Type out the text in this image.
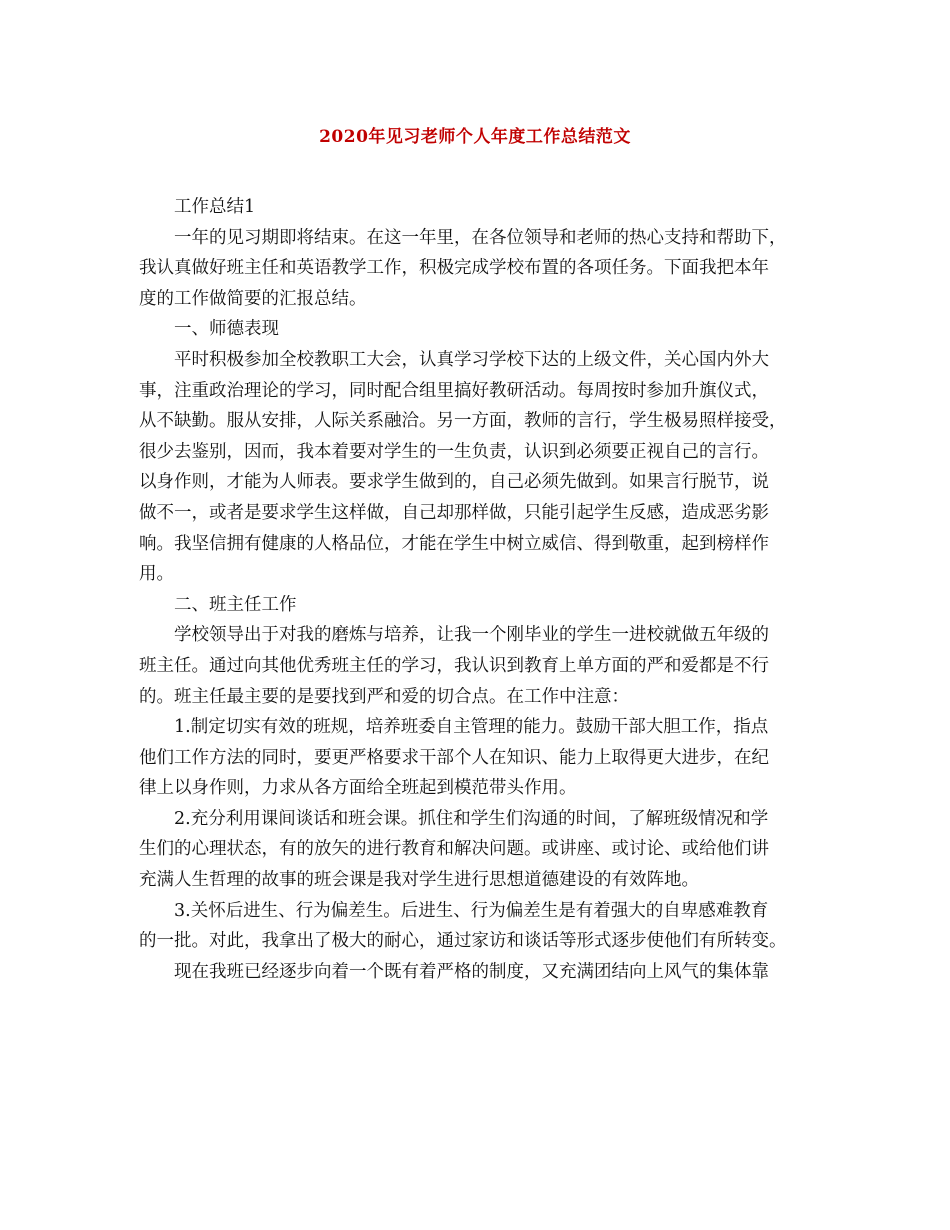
2020年见习老师个人年度工作总结范文
工作总结1
一年的见习期即将结束。在这一年里，在各位领导和老师的热心支持和帮助下，
我认真做好班主任和英语教学工作，积极完成学校布置的各项任务。下面我把本年
度的工作做简要的汇报总结。
一、师德表现
平时积极参加全校教职工大会，认真学习学校下达的上级文件，关心国内外大
事，注重政治理论的学习，同时配合组里搞好教研活动。每周按时参加升旗仪式，
从不缺勤。服从安排，人际关系融洽。另一方面，教师的言行，学生极易照样接受，
很少去鉴别，因而，我本着要对学生的一生负责，认识到必须要正视自己的言行。
以身作则，才能为人师表。要求学生做到的，自己必须先做到。如果言行脱节，说
做不一，或者是要求学生这样做，自己却那样做，只能引起学生反感，造成恶劣影
响。我坚信拥有健康的人格品位，才能在学生中树立威信、得到敬重，起到榜样作
用。
二、班主任工作
学校领导出于对我的磨炼与培养，让我一个刚毕业的学生一进校就做五年级的
班主任。通过向其他优秀班主任的学习，我认识到教育上单方面的严和爱都是不行
的。班主任最主要的是要找到严和爱的切合点。在工作中注意：
1.制定切实有效的班规，培养班委自主管理的能力。鼓励干部大胆工作，指点
他们工作方法的同时，要更严格要求干部个人在知识、能力上取得更大进步，在纪
律上以身作则，力求从各方面给全班起到模范带头作用。
2.充分利用课间谈话和班会课。抓住和学生们沟通的时间，了解班级情况和学
生们的心理状态，有的放矢的进行教育和解决问题。或讲座、或讨论、或给他们讲
充满人生哲理的故事的班会课是我对学生进行思想道德建设的有效阵地。
3.关怀后进生、行为偏差生。后进生、行为偏差生是有着强大的自卑感难教育
的一批。对此，我拿出了极大的耐心，通过家访和谈话等形式逐步使他们有所转变。
现在我班已经逐步向着一个既有着严格的制度，又充满团结向上风气的集体靠
